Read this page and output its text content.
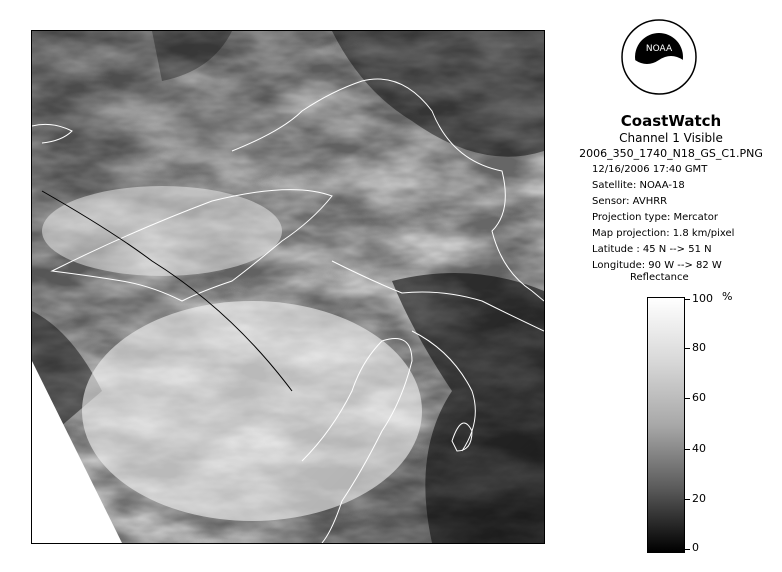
NOAA
CoastWatch
Channel 1 Visible
2006_350_1740_N18_GS_C1.PNG
12/16/2006 17:40 GMT
Satellite: NOAA-18
Sensor: AVHRR
Projection type: Mercator
Map projection: 1.8 km/pixel
Latitude : 45 N --> 51 N
Longitude: 90 W --> 82 W
Reflectance
%
100
80
60
40
20
0
